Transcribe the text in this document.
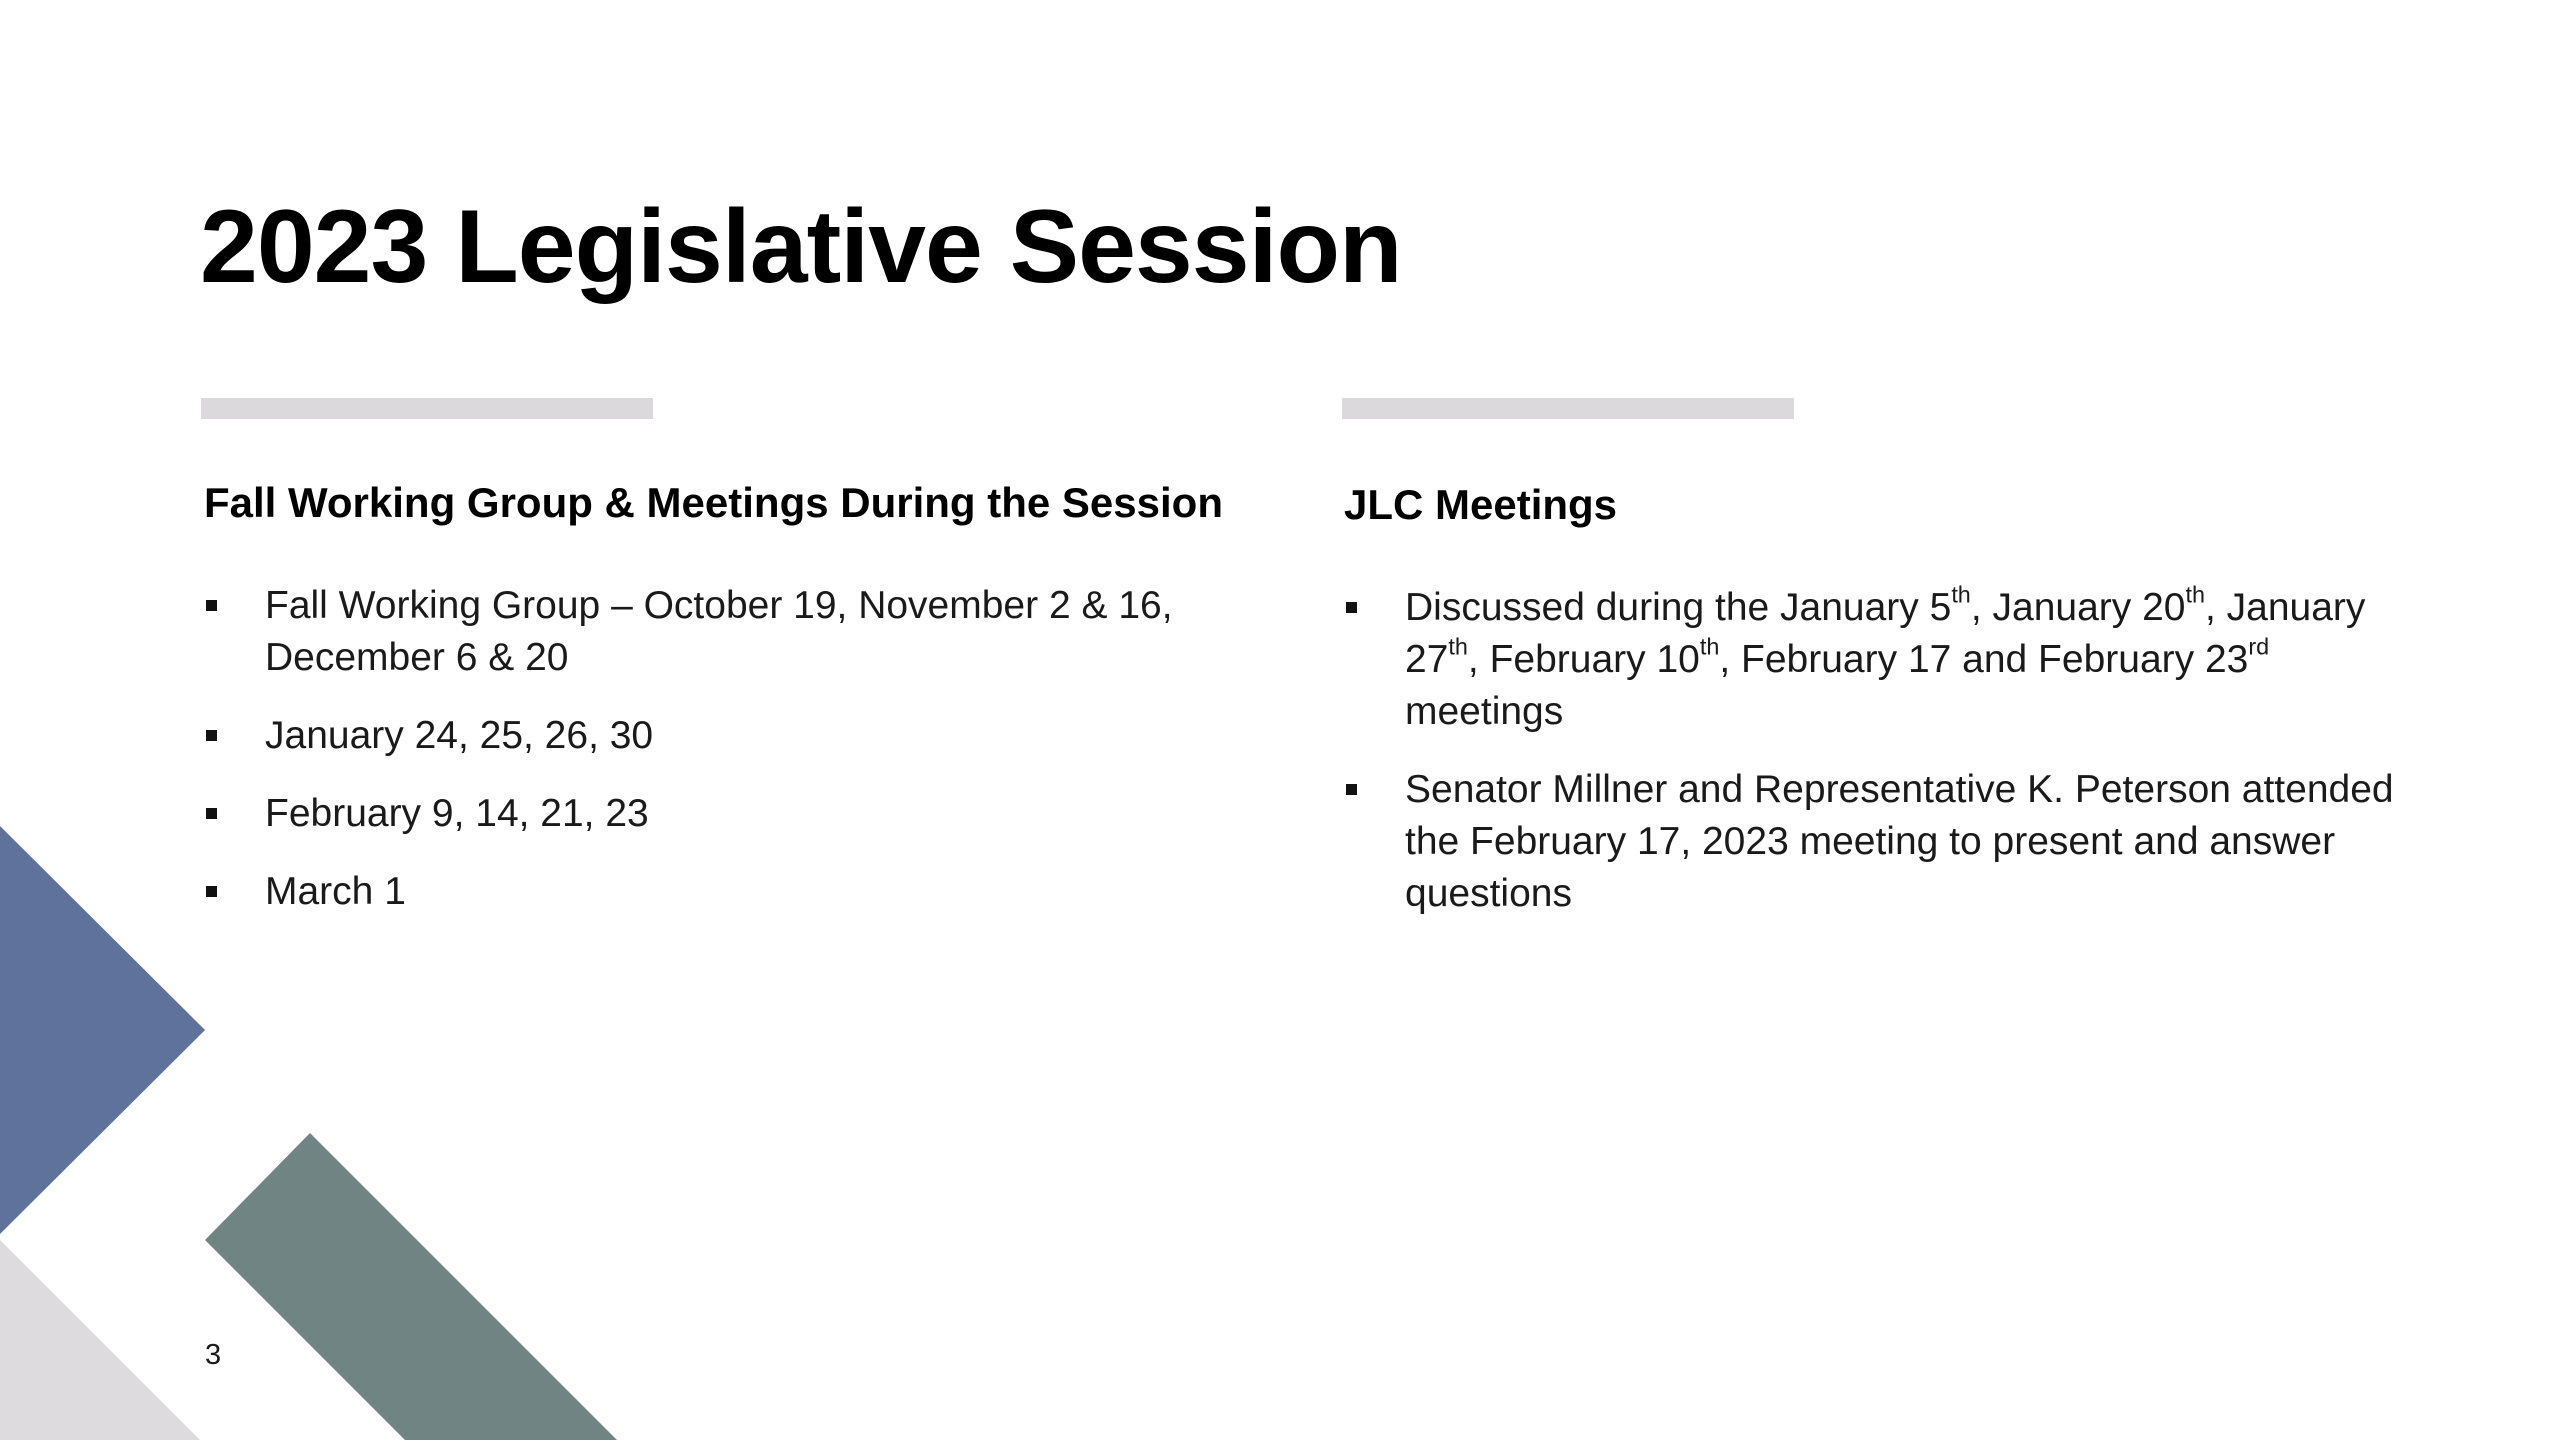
2023 Legislative Session
Fall Working Group & Meetings During the Session
Fall Working Group – October 19, November 2 & 16, December 6 & 20
January 24, 25, 26, 30
February 9, 14, 21, 23
March 1
JLC Meetings
Discussed during the January 5th, January 20th, January 27th, February 10th, February 17 and February 23rd meetings
Senator Millner and Representative K. Peterson attended the February 17, 2023 meeting to present and answer questions
3
